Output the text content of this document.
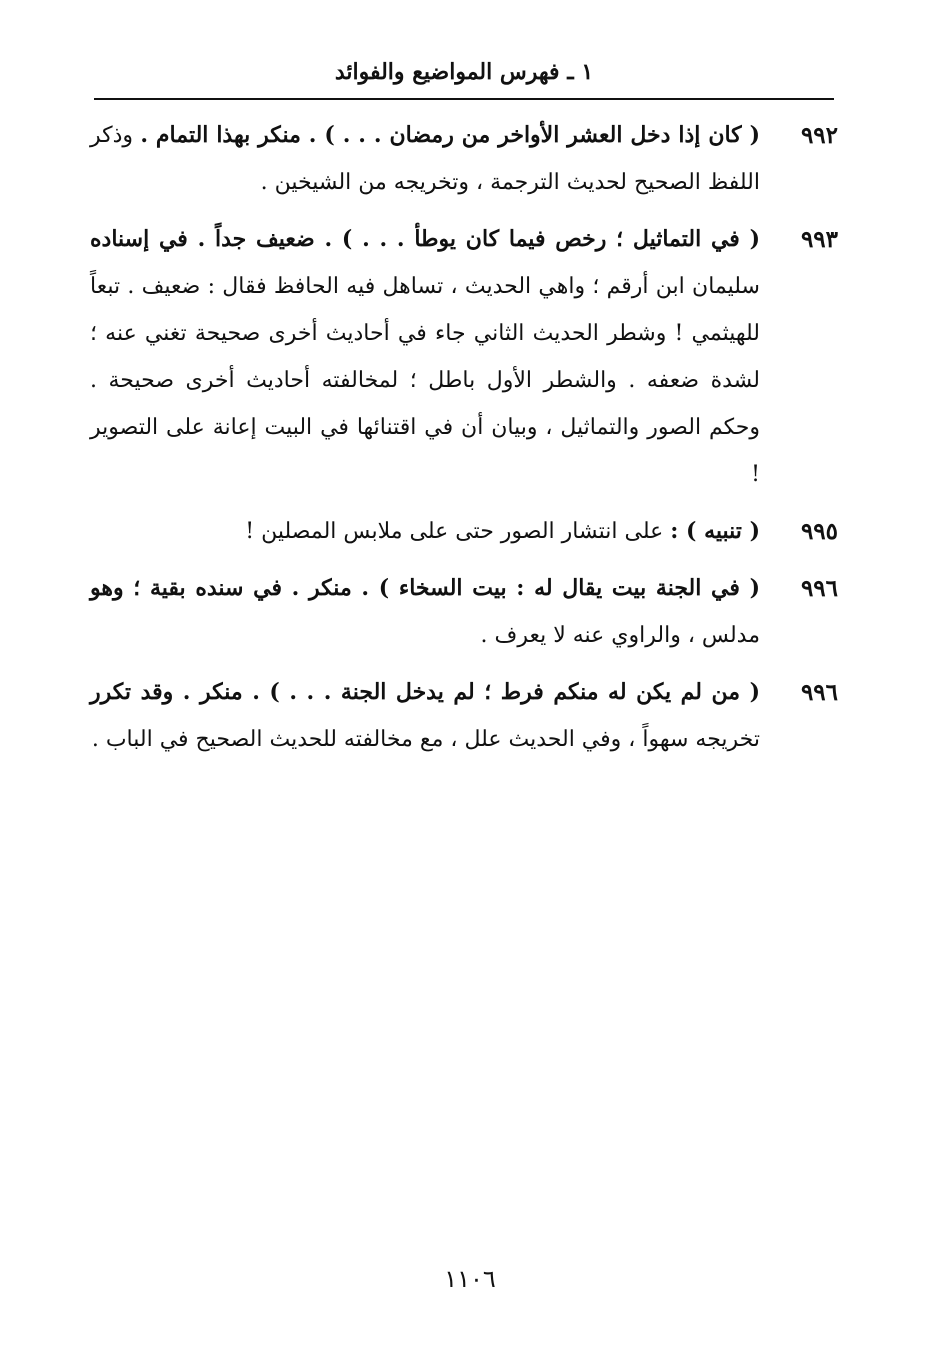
١ ـ فهرس المواضيع والفوائد
٩٩٢
( كان إذا دخل العشر الأواخر من رمضان . . . ) . منكر بهذا التمام . وذكر اللفظ الصحيح لحديث الترجمة ، وتخريجه من الشيخين .
٩٩٣
( في التماثيل ؛ رخص فيما كان يوطأ . . . ) . ضعيف جداً . في إسناده سليمان ابن أرقم ؛ واهي الحديث ، تساهل فيه الحافظ فقال : ضعيف . تبعاً للهيثمي ! وشطر الحديث الثاني جاء في أحاديث أخرى صحيحة تغني عنه ؛ لشدة ضعفه . والشطر الأول باطل ؛ لمخالفته أحاديث أخرى صحيحة . وحكم الصور والتماثيل ، وبيان أن في اقتنائها في البيت إعانة على التصوير !
٩٩٥
( تنبيه ) : على انتشار الصور حتى على ملابس المصلين !
٩٩٦
( في الجنة بيت يقال له : بيت السخاء ) . منكر . في سنده بقية ؛ وهو مدلس ، والراوي عنه لا يعرف .
٩٩٦
( من لم يكن له منكم فرط ؛ لم يدخل الجنة . . . ) . منكر . وقد تكرر تخريجه سهواً ، وفي الحديث علل ، مع مخالفته للحديث الصحيح في الباب .
١١٠٦
